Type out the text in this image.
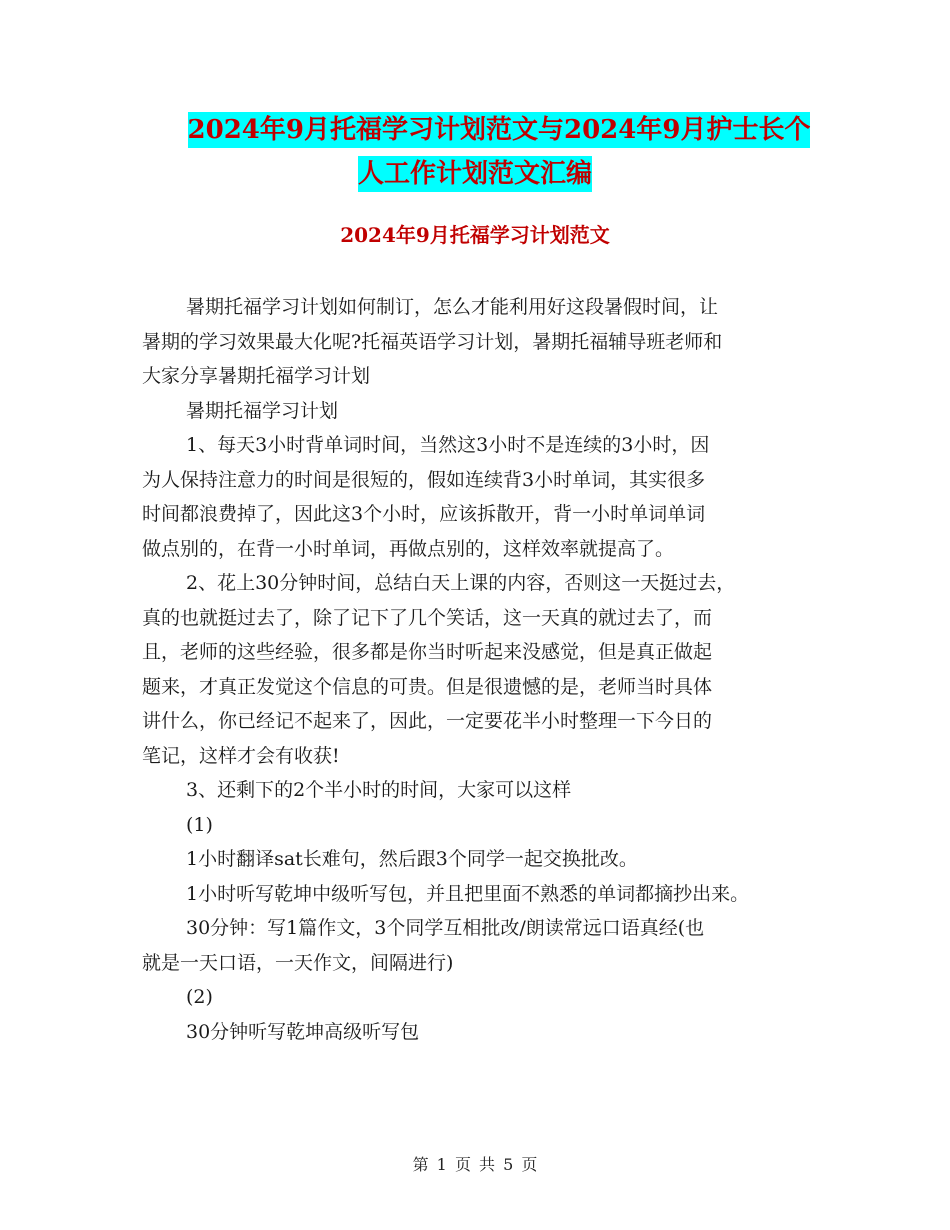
2024年9月托福学习计划范文与2024年9月护士长个
人工作计划范文汇编
2024年9月托福学习计划范文

暑期托福学习计划如何制订，怎么才能利用好这段暑假时间，让

暑期的学习效果最大化呢?托福英语学习计划，暑期托福辅导班老师和

大家分享暑期托福学习计划

暑期托福学习计划

1、每天3小时背单词时间，当然这3小时不是连续的3小时，因

为人保持注意力的时间是很短的，假如连续背3小时单词，其实很多

时间都浪费掉了，因此这3个小时，应该拆散开，背一小时单词单词

做点别的，在背一小时单词，再做点别的，这样效率就提高了。

2、花上30分钟时间，总结白天上课的内容，否则这一天挺过去，

真的也就挺过去了，除了记下了几个笑话，这一天真的就过去了，而

且，老师的这些经验，很多都是你当时听起来没感觉，但是真正做起

题来，才真正发觉这个信息的可贵。但是很遗憾的是，老师当时具体

讲什么，你已经记不起来了，因此，一定要花半小时整理一下今日的

笔记，这样才会有收获!

3、还剩下的2个半小时的时间，大家可以这样

(1)

1小时翻译sat长难句，然后跟3个同学一起交换批改。

1小时听写乾坤中级听写包，并且把里面不熟悉的单词都摘抄出来。

30分钟：写1篇作文，3个同学互相批改/朗读常远口语真经(也

就是一天口语，一天作文，间隔进行)

(2)

30分钟听写乾坤高级听写包

第 1 页 共 5 页
